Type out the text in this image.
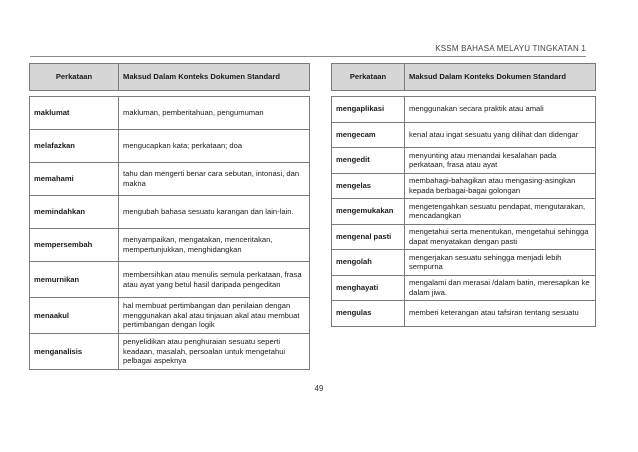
KSSM BAHASA MELAYU TINGKATAN 1
Perkataan	Maksud Dalam Konteks Dokumen Standard

maklumat	makluman, pemberitahuan, pengumuman
melafazkan	mengucapkan kata; perkataan; doa
memahami	tahu dan mengerti benar cara sebutan, intonasi, dan makna
memindahkan	mengubah bahasa sesuatu karangan dan lain-lain.
mempersembah	menyampaikan, mengatakan, menceritakan, mempertunjukkan, menghidangkan
memurnikan	membersihkan atau menulis semula perkataan, frasa atau ayat yang betul hasil daripada pengeditan
menaakul	hal membuat pertimbangan dan penilaian dengan menggunakan akal atau tinjauan akal atau membuat pertimbangan dengan logik
menganalisis	penyelidikan atau penghuraian sesuatu seperti keadaan, masalah, persoalan untuk mengetahui pelbagai aspeknya
Perkataan	Maksud Dalam Konteks Dokumen Standard

mengaplikasi	menggunakan secara praktik atau amali
mengecam	kenal atau ingat sesuatu yang dilihat dan didengar
mengedit	menyunting atau menandai kesalahan pada perkataan, frasa atau ayat
mengelas	membahagi-bahagikan atau mengasing-asingkan kepada berbagai-bagai golongan
mengemukakan	mengetengahkan sesuatu pendapat, mengutarakan, mencadangkan
mengenal pasti	mengetahui serta menentukan, mengetahui sehingga dapat menyatakan dengan pasti
mengolah	mengerjakan sesuatu sehingga menjadi lebih sempurna
menghayati	mengalami dan merasai /dalam batin, meresapkan ke dalam jiwa.
mengulas	memberi keterangan atau tafsiran tentang sesuatu
49
